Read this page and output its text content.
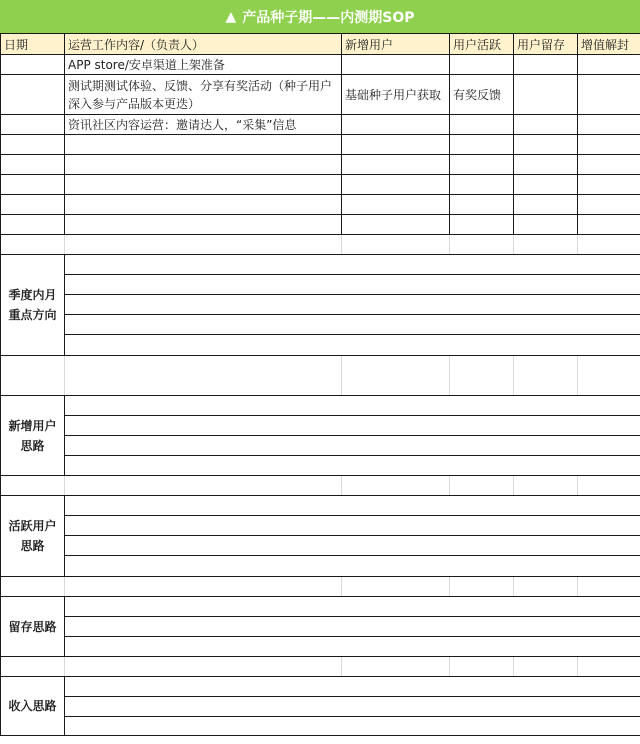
▲ 产品种子期——内测期SOP
日期	运营工作内容/（负责人）	新增用户	用户活跃	用户留存	增值解封
	APP store/安卓渠道上架准备				
	测试期测试体验、反馈、分享有奖活动（种子用户深入参与产品版本更迭）	基础种子用户获取	有奖反馈		
	资讯社区内容运营：邀请达人，“采集”信息				

季度内月重点方向					

新增用户思路					

活跃用户思路					

留存思路					

收入思路					
